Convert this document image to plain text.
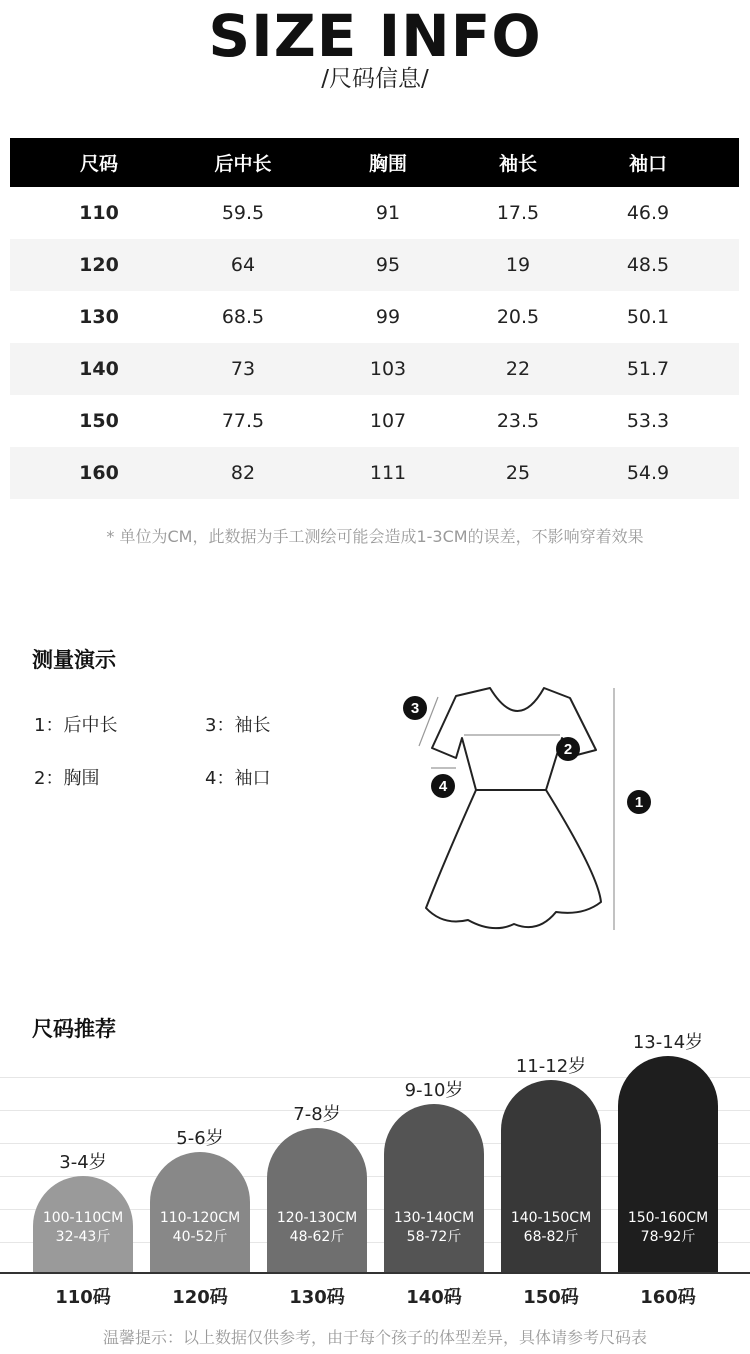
SIZE INFO
/尺码信息/
尺码	后中长	胸围	袖长	袖口
110	59.5	91	17.5	46.9
120	64	95	19	48.5
130	68.5	99	20.5	50.1
140	73	103	22	51.7
150	77.5	107	23.5	53.3
160	82	111	25	54.9
* 单位为CM，此数据为手工测绘可能会造成1-3CM的误差，不影响穿着效果
测量演示
1：后中长	3：袖长
2：胸围	4：袖口
3
2
4
1
尺码推荐
100-110CM
32-43斤
3-4岁
110码
110-120CM
40-52斤
5-6岁
120码
120-130CM
48-62斤
7-8岁
130码
130-140CM
58-72斤
9-10岁
140码
140-150CM
68-82斤
11-12岁
150码
150-160CM
78-92斤
13-14岁
160码
温馨提示：以上数据仅供参考，由于每个孩子的体型差异，具体请参考尺码表
